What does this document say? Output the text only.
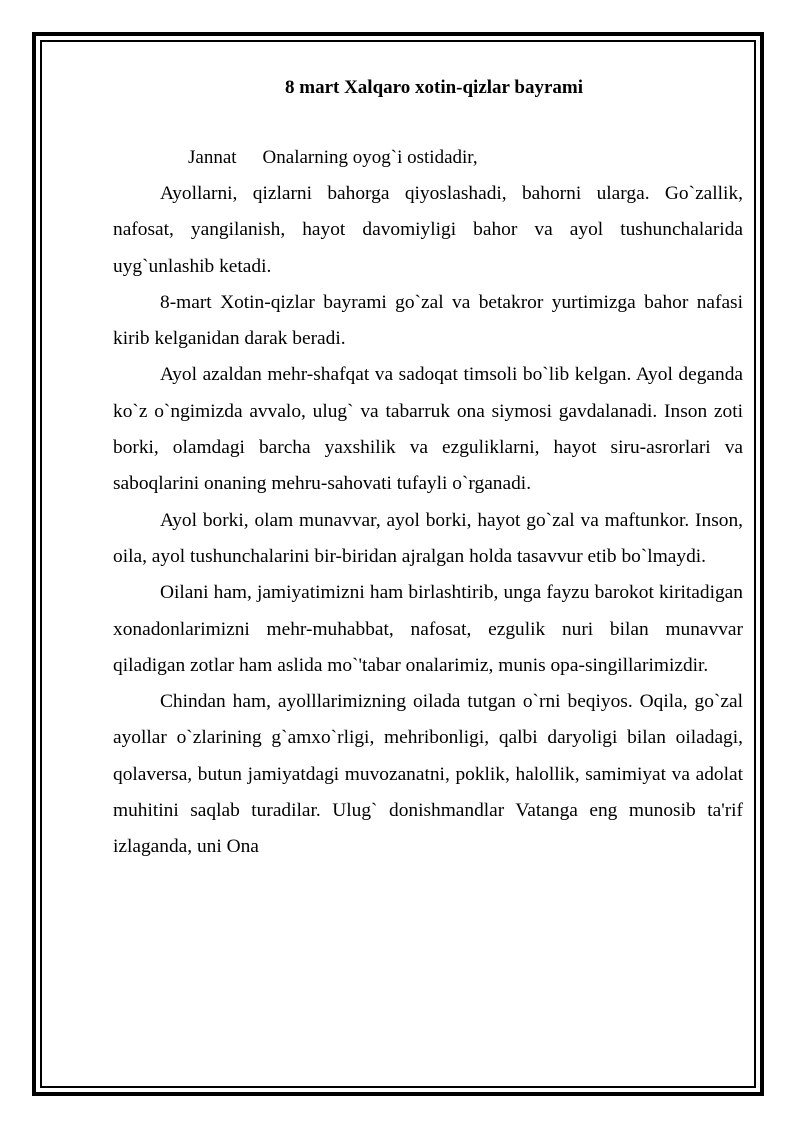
8 mart Xalqaro xotin-qizlar bayrami

Jannat Onalarning oyog`i ostidadir,

Ayollarni, qizlarni bahorga qiyoslashadi, bahorni ularga. Go`zallik, nafosat, yangilanish, hayot davomiyligi bahor va ayol tushunchalarida uyg`unlashib ketadi.

8-mart Xotin-qizlar bayrami go`zal va betakror yurtimizga bahor nafasi kirib kelganidan darak beradi.

Ayol azaldan mehr-shafqat va sadoqat timsoli bo`lib kelgan. Ayol deganda ko`z o`ngimizda avvalo, ulug` va tabarruk ona siymosi gavdalanadi. Inson zoti borki, olamdagi barcha yaxshilik va ezguliklarni, hayot siru-asrorlari va saboqlarini onaning mehru-sahovati tufayli o`rganadi.

Ayol borki, olam munavvar, ayol borki, hayot go`zal va maftunkor. Inson, oila, ayol tushunchalarini bir-biridan ajralgan holda tasavvur etib bo`lmaydi.

Oilani ham, jamiyatimizni ham birlashtirib, unga fayzu barokot kiritadigan xonadonlarimizni mehr-muhabbat, nafosat, ezgulik nuri bilan munavvar qiladigan zotlar ham aslida mo`'tabar onalarimiz, munis opa-singillarimizdir.

Chindan ham, ayolllarimizning oilada tutgan o`rni beqiyos. Oqila, go`zal ayollar o`zlarining g`amxo`rligi, mehribonligi, qalbi daryoligi bilan oiladagi, qolaversa, butun jamiyatdagi muvozanatni, poklik, halollik, samimiyat va adolat muhitini saqlab turadilar. Ulug` donishmandlar Vatanga eng munosib ta'rif izlaganda, uni Ona
